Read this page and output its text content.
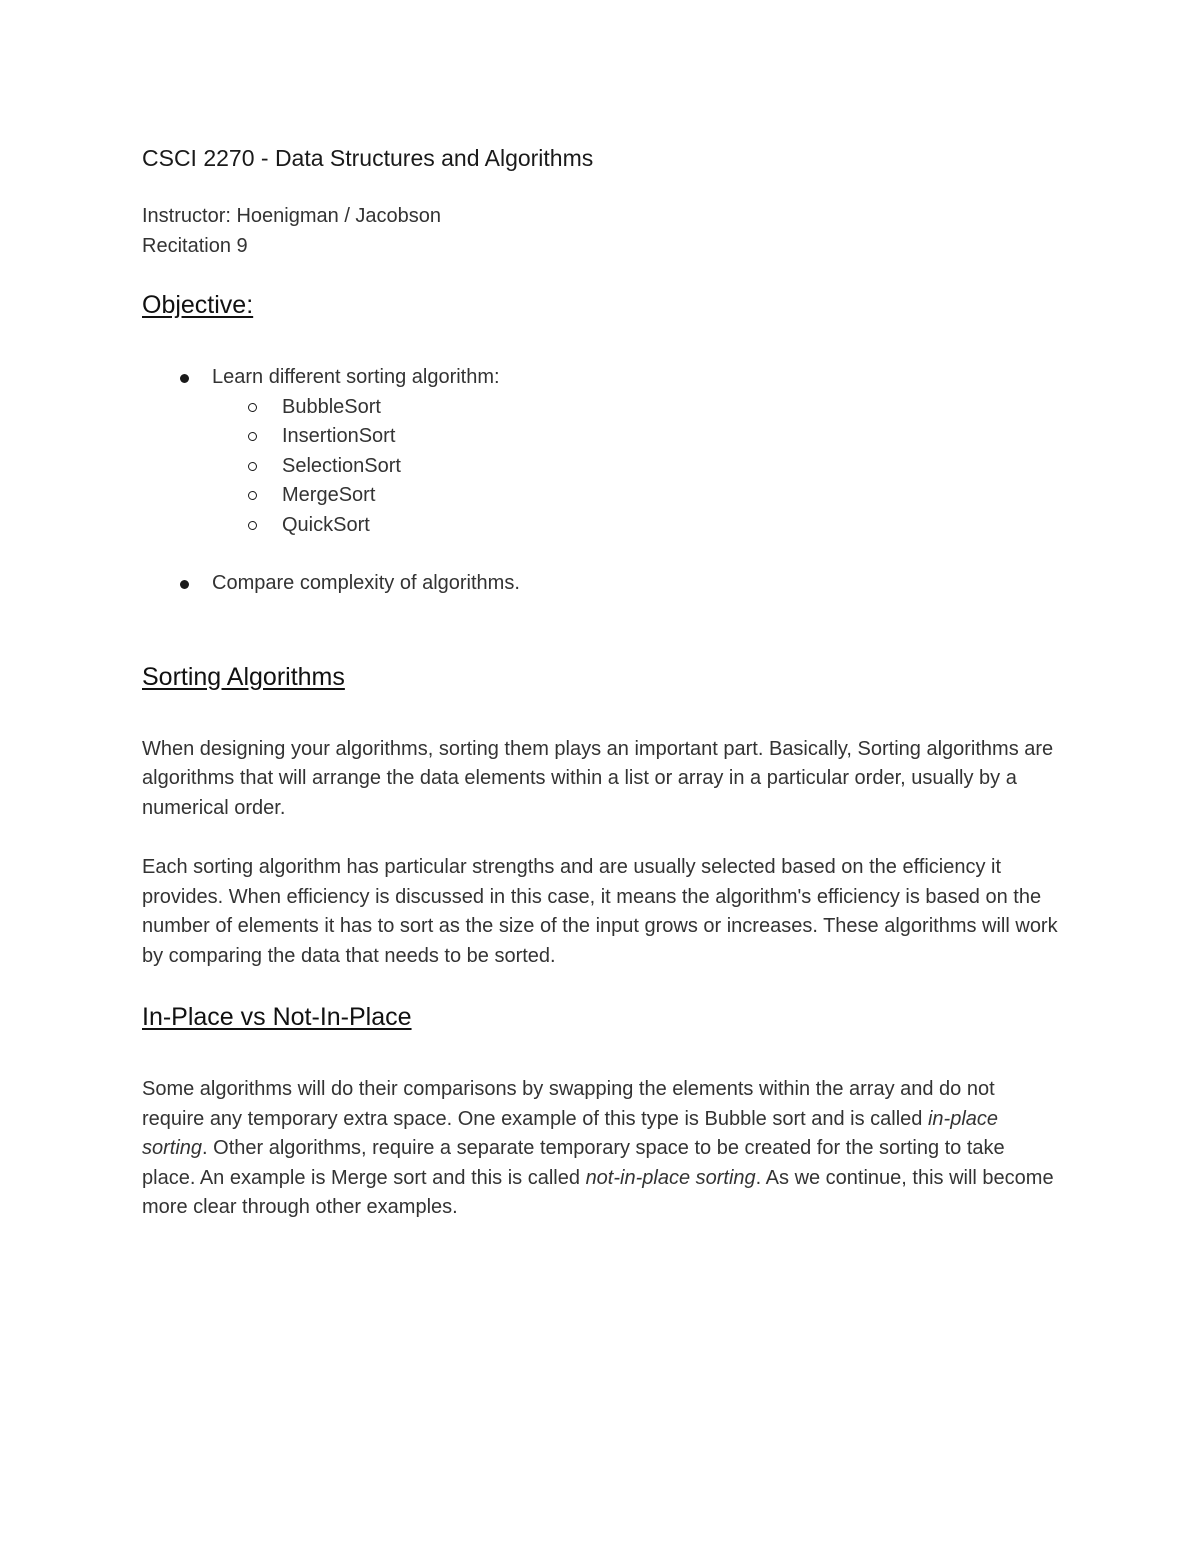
CSCI 2270 - Data Structures and Algorithms
Instructor: Hoenigman / Jacobson
Recitation 9
Objective:
Learn different sorting algorithm:
BubbleSort
InsertionSort
SelectionSort
MergeSort
QuickSort
Compare complexity of algorithms.
Sorting Algorithms

When designing your algorithms, sorting them plays an important part. Basically, Sorting algorithms are algorithms that will arrange the data elements within a list or array in a particular order, usually by a numerical order.

Each sorting algorithm has particular strengths and are usually selected based on the efficiency it provides. When efficiency is discussed in this case, it means the algorithm's efficiency is based on the number of elements it has to sort as the size of the input grows or increases. These algorithms will work by comparing the data that needs to be sorted.

In-Place vs Not-In-Place

Some algorithms will do their comparisons by swapping the elements within the array and do not require any temporary extra space. One example of this type is Bubble sort and is called in-place sorting. Other algorithms, require a separate temporary space to be created for the sorting to take place. An example is Merge sort and this is called not-in-place sorting. As we continue, this will become more clear through other examples.
